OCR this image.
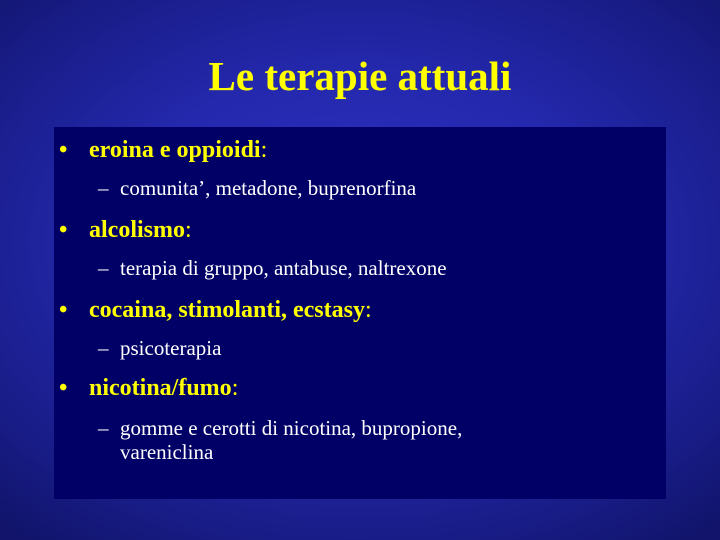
Le terapie attuali
• eroina e oppioidi:
– comunita’, metadone, buprenorfina
• alcolismo:
– terapia di gruppo, antabuse, naltrexone
• cocaina, stimolanti, ecstasy:
– psicoterapia
• nicotina/fumo:
– gomme e cerotti di nicotina, bupropione,
vareniclina
